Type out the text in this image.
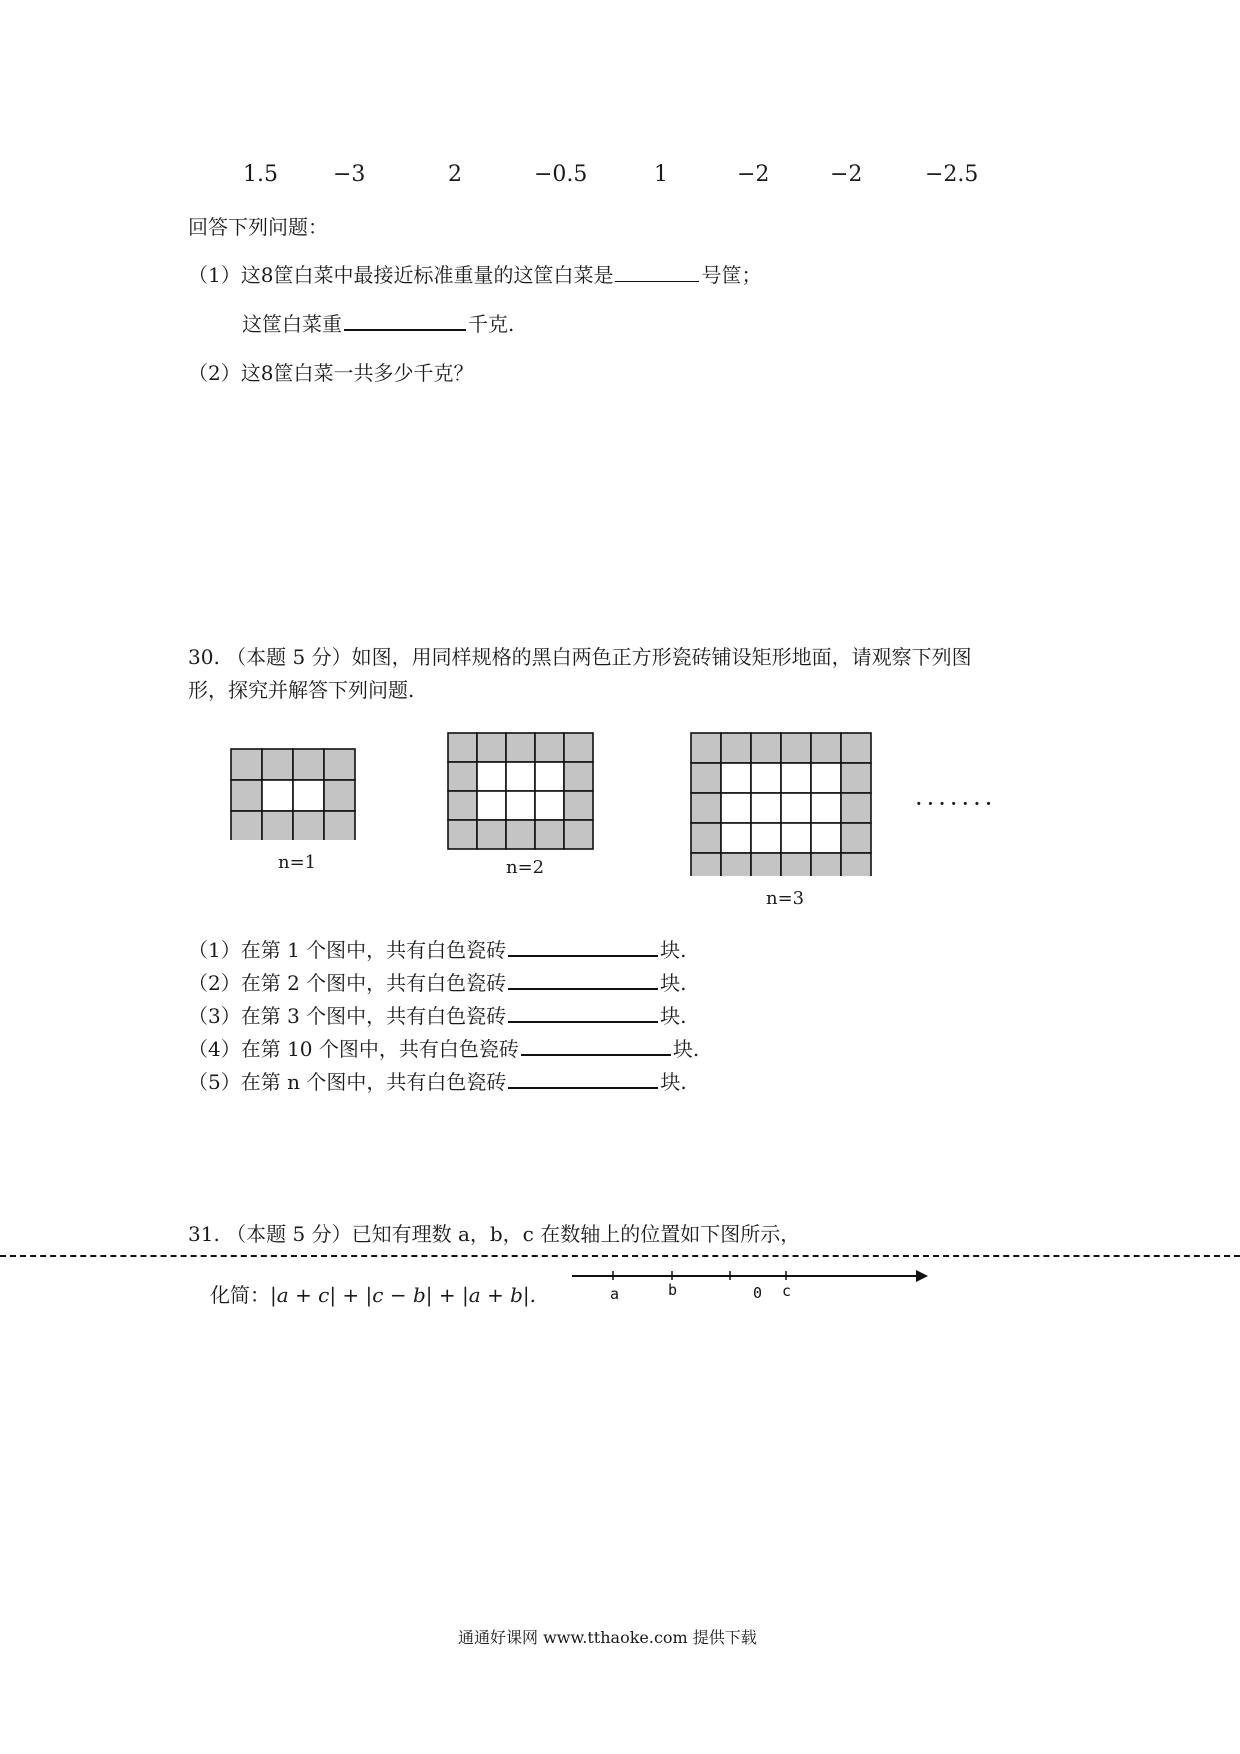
1.5	−3	2	−0.5	1	−2	−2	−2.5
回答下列问题：
（1）这8筐白菜中最接近标准重量的这筐白菜是	号筐；
这筐白菜重	千克.
（2）这8筐白菜一共多少千克？
30. （本题 5 分）如图，用同样规格的黑白两色正方形瓷砖铺设矩形地面，请观察下列图
形，探究并解答下列问题.
n=1	n=2
n=3
·······
（1）在第 1 个图中，共有白色瓷砖	块.
（2）在第 2 个图中，共有白色瓷砖	块.
（3）在第 3 个图中，共有白色瓷砖	块.
（4）在第 10 个图中，共有白色瓷砖	块.
（5）在第 n 个图中，共有白色瓷砖	块.
31. （本题 5 分）已知有理数 a，b，c 在数轴上的位置如下图所示，
化简：|a + c| + |c − b| + |a + b|.	a	b	0 c
通通好课网 www.tthaoke.com 提供下载
